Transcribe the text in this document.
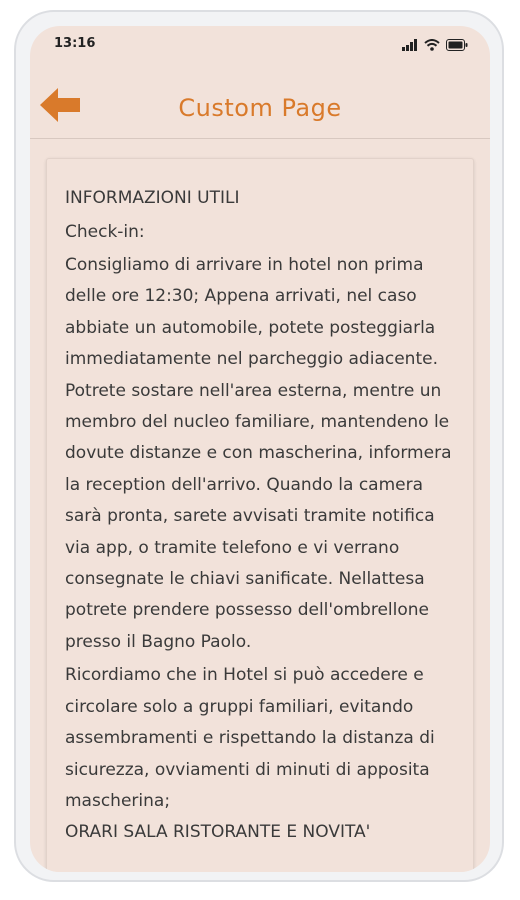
13:16
Custom Page

INFORMAZIONI UTILI

Check-in:

Consigliamo di arrivare in hotel non prima delle ore 12:30; Appena arrivati, nel caso abbiate un automobile, potete posteggiarla immediatamente nel parcheggio adiacente. Potrete sostare nell'area esterna, mentre un membro del nucleo familiare, mantendeno le dovute distanze e con mascherina, informera la reception dell'arrivo. Quando la camera sarà pronta, sarete avvisati tramite notifica via app, o tramite telefono e vi verrano consegnate le chiavi sanificate. Nellattesa potrete prendere possesso dell'ombrellone presso il Bagno Paolo.

Ricordiamo che in Hotel si può accedere e circolare solo a gruppi familiari, evitando assembramenti e rispettando la distanza di sicurezza, ovviamenti di minuti di apposita mascherina;

ORARI SALA RISTORANTE E NOVITA'
